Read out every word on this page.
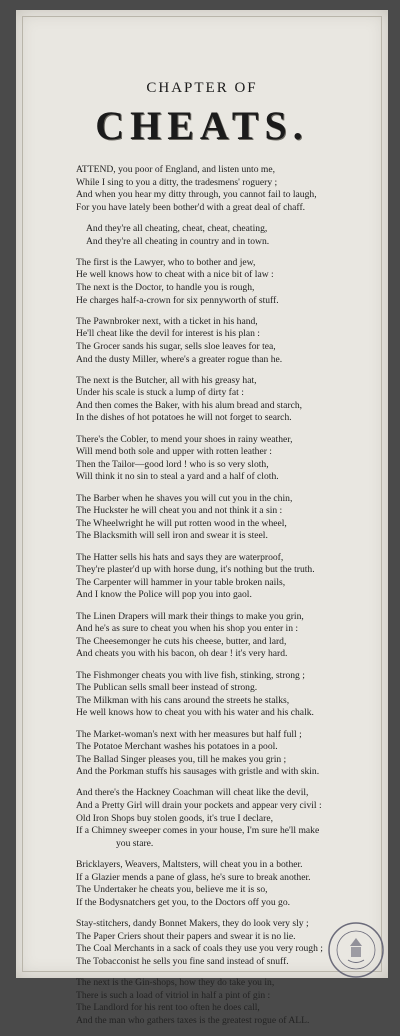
CHAPTER OF
CHEATS.
ATTEND, you poor of England, and listen unto me,
While I sing to you a ditty, the tradesmens' roguery ;
And when you hear my ditty through, you cannot fail to laugh,
For you have lately been bother'd with a great deal of chaff.
And they're all cheating, cheat, cheat, cheating,
And they're all cheating in country and in town.
The first is the Lawyer, who to bother and jew,
He well knows how to cheat with a nice bit of law :
The next is the Doctor, to handle you is rough,
He charges half-a-crown for six pennyworth of stuff.
The Pawnbroker next, with a ticket in his hand,
He'll cheat like the devil for interest is his plan :
The Grocer sands his sugar, sells sloe leaves for tea,
And the dusty Miller, where's a greater rogue than he.
The next is the Butcher, all with his greasy hat,
Under his scale is stuck a lump of dirty fat :
And then comes the Baker, with his alum bread and starch,
In the dishes of hot potatoes he will not forget to search.
There's the Cobler, to mend your shoes in rainy weather,
Will mend both sole and upper with rotten leather :
Then the Tailor—good lord ! who is so very sloth,
Will think it no sin to steal a yard and a half of cloth.
The Barber when he shaves you will cut you in the chin,
The Huckster he will cheat you and not think it a sin :
The Wheelwright he will put rotten wood in the wheel,
The Blacksmith will sell iron and swear it is steel.
The Hatter sells his hats and says they are waterproof,
They're plaster'd up with horse dung, it's nothing but the truth.
The Carpenter will hammer in your table broken nails,
And I know the Police will pop you into gaol.
The Linen Drapers will mark their things to make you grin,
And he's as sure to cheat you when his shop you enter in :
The Cheesemonger he cuts his cheese, butter, and lard,
And cheats you with his bacon, oh dear ! it's very hard.
The Fishmonger cheats you with live fish, stinking, strong ;
The Publican sells small beer instead of strong.
The Milkman with his cans around the streets he stalks,
He well knows how to cheat you with his water and his chalk.
The Market-woman's next with her measures but half full ;
The Potatoe Merchant washes his potatoes in a pool.
The Ballad Singer pleases you, till he makes you grin ;
And the Porkman stuffs his sausages with gristle and with skin.
And there's the Hackney Coachman will cheat like the devil,
And a Pretty Girl will drain your pockets and appear very civil :
Old Iron Shops buy stolen goods, it's true I declare,
If a Chimney sweeper comes in your house, I'm sure he'll make
you stare.
Bricklayers, Weavers, Maltsters, will cheat you in a bother.
If a Glazier mends a pane of glass, he's sure to break another.
The Undertaker he cheats you, believe me it is so,
If the Bodysnatchers get you, to the Doctors off you go.
Stay-stitchers, dandy Bonnet Makers, they do look very sly ;
The Paper Criers shout their papers and swear it is no lie.
The Coal Merchants in a sack of coals they use you very rough ;
The Tobacconist he sells you fine sand instead of snuff.
The next is the Gin-shops, how they do take you in,
There is such a load of vitriol in half a pint of gin :
The Landlord for his rent too often he does call,
And the man who gathers taxes is the greatest rogue of ALL.
